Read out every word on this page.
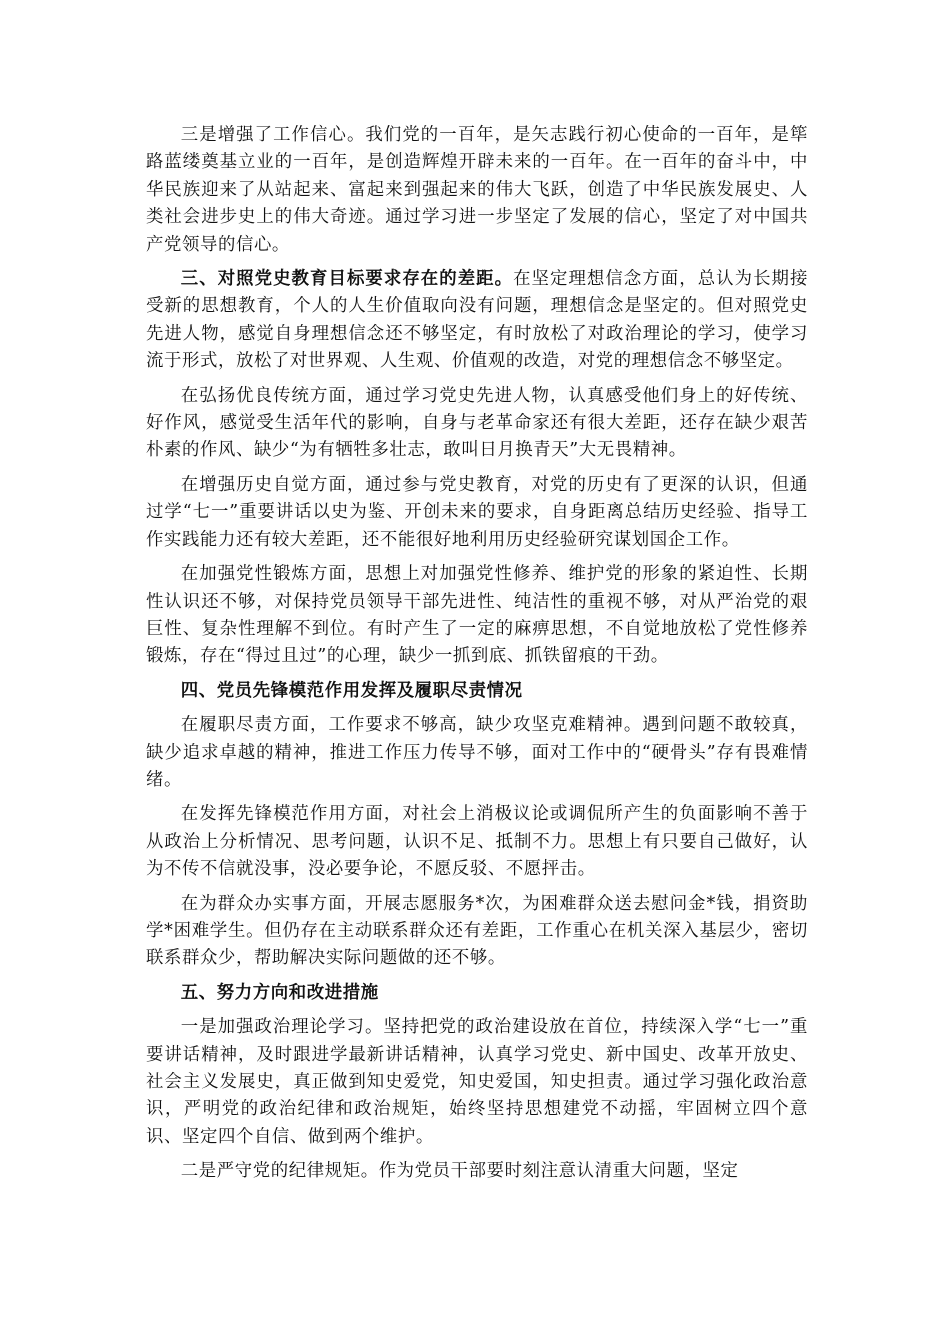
三是增强了工作信心。我们党的一百年，是矢志践行初心使命的一百年，是筚路蓝缕奠基立业的一百年，是创造辉煌开辟未来的一百年。在一百年的奋斗中，中华民族迎来了从站起来、富起来到强起来的伟大飞跃，创造了中华民族发展史、人类社会进步史上的伟大奇迹。通过学习进一步坚定了发展的信心，坚定了对中国共产党领导的信心。

三、对照党史教育目标要求存在的差距。在坚定理想信念方面，总认为长期接受新的思想教育，个人的人生价值取向没有问题，理想信念是坚定的。但对照党史先进人物，感觉自身理想信念还不够坚定，有时放松了对政治理论的学习，使学习流于形式，放松了对世界观、人生观、价值观的改造，对党的理想信念不够坚定。

在弘扬优良传统方面，通过学习党史先进人物，认真感受他们身上的好传统、好作风，感觉受生活年代的影响，自身与老革命家还有很大差距，还存在缺少艰苦朴素的作风、缺少“为有牺牲多壮志，敢叫日月换青天”大无畏精神。

在增强历史自觉方面，通过参与党史教育，对党的历史有了更深的认识，但通过学“七一”重要讲话以史为鉴、开创未来的要求，自身距离总结历史经验、指导工作实践能力还有较大差距，还不能很好地利用历史经验研究谋划国企工作。

在加强党性锻炼方面，思想上对加强党性修养、维护党的形象的紧迫性、长期性认识还不够，对保持党员领导干部先进性、纯洁性的重视不够，对从严治党的艰巨性、复杂性理解不到位。有时产生了一定的麻痹思想，不自觉地放松了党性修养锻炼，存在“得过且过”的心理，缺少一抓到底、抓铁留痕的干劲。

四、党员先锋模范作用发挥及履职尽责情况

在履职尽责方面，工作要求不够高，缺少攻坚克难精神。遇到问题不敢较真，缺少追求卓越的精神，推进工作压力传导不够，面对工作中的“硬骨头”存有畏难情绪。

在发挥先锋模范作用方面，对社会上消极议论或调侃所产生的负面影响不善于从政治上分析情况、思考问题，认识不足、抵制不力。思想上有只要自己做好，认为不传不信就没事，没必要争论，不愿反驳、不愿抨击。

在为群众办实事方面，开展志愿服务*次，为困难群众送去慰问金*钱，捐资助学*困难学生。但仍存在主动联系群众还有差距，工作重心在机关深入基层少，密切联系群众少，帮助解决实际问题做的还不够。

五、努力方向和改进措施

一是加强政治理论学习。坚持把党的政治建设放在首位，持续深入学“七一”重要讲话精神，及时跟进学最新讲话精神，认真学习党史、新中国史、改革开放史、社会主义发展史，真正做到知史爱党，知史爱国，知史担责。通过学习强化政治意识，严明党的政治纪律和政治规矩，始终坚持思想建党不动摇，牢固树立四个意识、坚定四个自信、做到两个维护。

二是严守党的纪律规矩。作为党员干部要时刻注意认清重大问题，坚定
